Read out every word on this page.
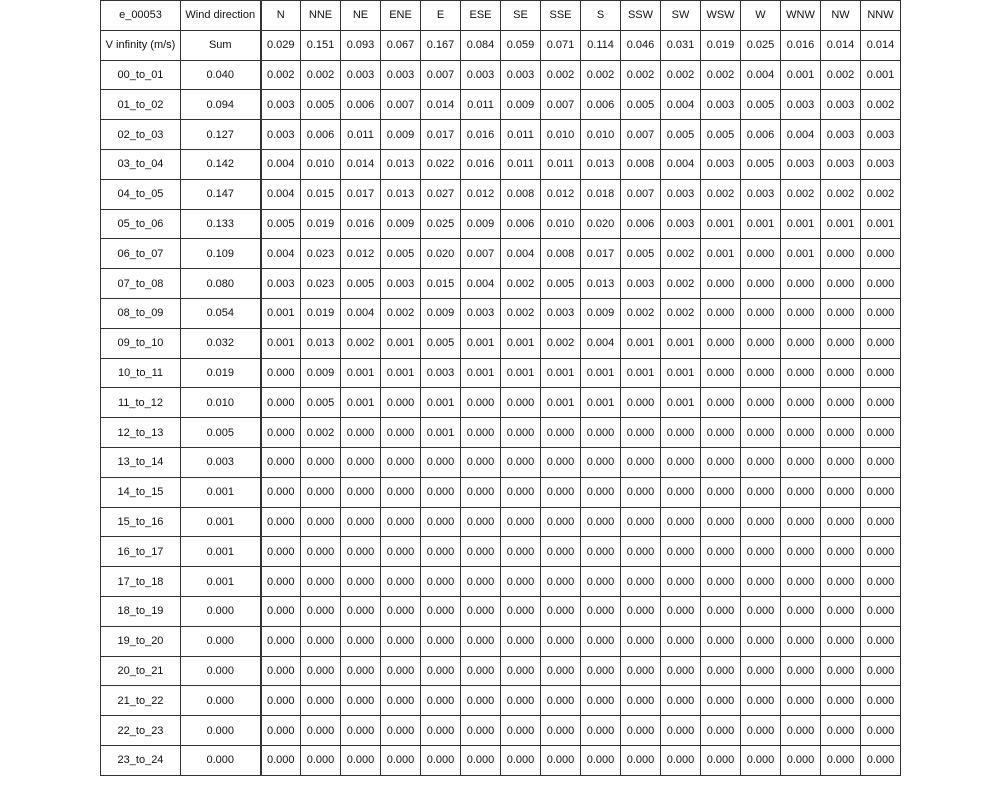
e_00053	Wind direction	N	NNE	NE	ENE	E	ESE	SE	SSE	S	SSW	SW	WSW	W	WNW	NW	NNW
V infinity (m/s)	Sum	0.029	0.151	0.093	0.067	0.167	0.084	0.059	0.071	0.114	0.046	0.031	0.019	0.025	0.016	0.014	0.014
00_to_01	0.040	0.002	0.002	0.003	0.003	0.007	0.003	0.003	0.002	0.002	0.002	0.002	0.002	0.004	0.001	0.002	0.001
01_to_02	0.094	0.003	0.005	0.006	0.007	0.014	0.011	0.009	0.007	0.006	0.005	0.004	0.003	0.005	0.003	0.003	0.002
02_to_03	0.127	0.003	0.006	0.011	0.009	0.017	0.016	0.011	0.010	0.010	0.007	0.005	0.005	0.006	0.004	0.003	0.003
03_to_04	0.142	0.004	0.010	0.014	0.013	0.022	0.016	0.011	0.011	0.013	0.008	0.004	0.003	0.005	0.003	0.003	0.003
04_to_05	0.147	0.004	0.015	0.017	0.013	0.027	0.012	0.008	0.012	0.018	0.007	0.003	0.002	0.003	0.002	0.002	0.002
05_to_06	0.133	0.005	0.019	0.016	0.009	0.025	0.009	0.006	0.010	0.020	0.006	0.003	0.001	0.001	0.001	0.001	0.001
06_to_07	0.109	0.004	0.023	0.012	0.005	0.020	0.007	0.004	0.008	0.017	0.005	0.002	0.001	0.000	0.001	0.000	0.000
07_to_08	0.080	0.003	0.023	0.005	0.003	0.015	0.004	0.002	0.005	0.013	0.003	0.002	0.000	0.000	0.000	0.000	0.000
08_to_09	0.054	0.001	0.019	0.004	0.002	0.009	0.003	0.002	0.003	0.009	0.002	0.002	0.000	0.000	0.000	0.000	0.000
09_to_10	0.032	0.001	0.013	0.002	0.001	0.005	0.001	0.001	0.002	0.004	0.001	0.001	0.000	0.000	0.000	0.000	0.000
10_to_11	0.019	0.000	0.009	0.001	0.001	0.003	0.001	0.001	0.001	0.001	0.001	0.001	0.000	0.000	0.000	0.000	0.000
11_to_12	0.010	0.000	0.005	0.001	0.000	0.001	0.000	0.000	0.001	0.001	0.000	0.001	0.000	0.000	0.000	0.000	0.000
12_to_13	0.005	0.000	0.002	0.000	0.000	0.001	0.000	0.000	0.000	0.000	0.000	0.000	0.000	0.000	0.000	0.000	0.000
13_to_14	0.003	0.000	0.000	0.000	0.000	0.000	0.000	0.000	0.000	0.000	0.000	0.000	0.000	0.000	0.000	0.000	0.000
14_to_15	0.001	0.000	0.000	0.000	0.000	0.000	0.000	0.000	0.000	0.000	0.000	0.000	0.000	0.000	0.000	0.000	0.000
15_to_16	0.001	0.000	0.000	0.000	0.000	0.000	0.000	0.000	0.000	0.000	0.000	0.000	0.000	0.000	0.000	0.000	0.000
16_to_17	0.001	0.000	0.000	0.000	0.000	0.000	0.000	0.000	0.000	0.000	0.000	0.000	0.000	0.000	0.000	0.000	0.000
17_to_18	0.001	0.000	0.000	0.000	0.000	0.000	0.000	0.000	0.000	0.000	0.000	0.000	0.000	0.000	0.000	0.000	0.000
18_to_19	0.000	0.000	0.000	0.000	0.000	0.000	0.000	0.000	0.000	0.000	0.000	0.000	0.000	0.000	0.000	0.000	0.000
19_to_20	0.000	0.000	0.000	0.000	0.000	0.000	0.000	0.000	0.000	0.000	0.000	0.000	0.000	0.000	0.000	0.000	0.000
20_to_21	0.000	0.000	0.000	0.000	0.000	0.000	0.000	0.000	0.000	0.000	0.000	0.000	0.000	0.000	0.000	0.000	0.000
21_to_22	0.000	0.000	0.000	0.000	0.000	0.000	0.000	0.000	0.000	0.000	0.000	0.000	0.000	0.000	0.000	0.000	0.000
22_to_23	0.000	0.000	0.000	0.000	0.000	0.000	0.000	0.000	0.000	0.000	0.000	0.000	0.000	0.000	0.000	0.000	0.000
23_to_24	0.000	0.000	0.000	0.000	0.000	0.000	0.000	0.000	0.000	0.000	0.000	0.000	0.000	0.000	0.000	0.000	0.000
